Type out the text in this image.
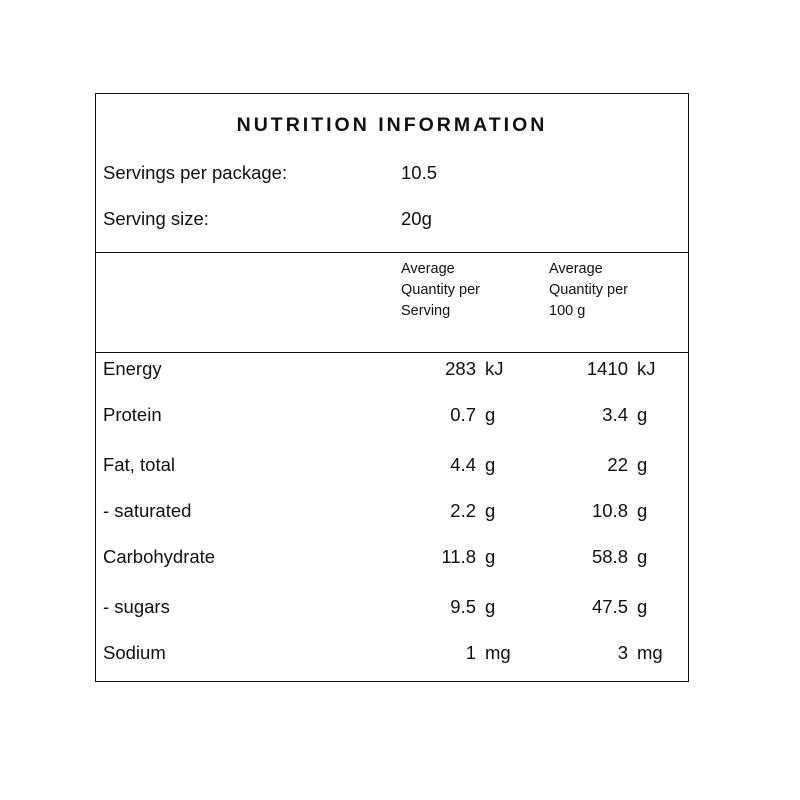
NUTRITION INFORMATION
Servings per package:	10.5
Serving size:	20g
Average
Quantity per
Serving
Average
Quantity per
100 g
Energy	283 kJ	1410 kJ
Protein	0.7 g	3.4 g
Fat, total	4.4 g	22 g
- saturated	2.2 g	10.8 g
Carbohydrate	11.8 g	58.8 g
- sugars	9.5 g	47.5 g
Sodium	1 mg	3 mg
